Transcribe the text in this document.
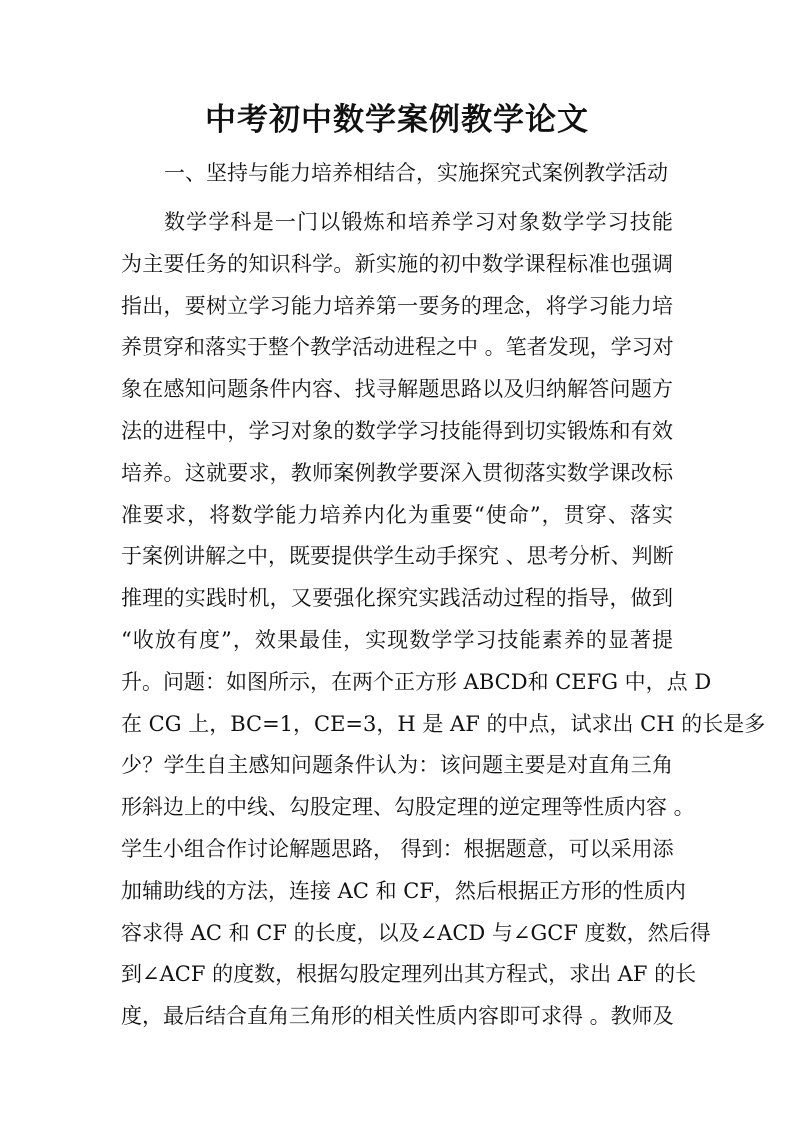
中考初中数学案例教学论文
一、坚持与能力培养相结合，实施探究式案例教学活动
数学学科是一门以锻炼和培养学习对象数学学习技能
为主要任务的知识科学。新实施的初中数学课程标准也强调
指出，要树立学习能力培养第一要务的理念，将学习能力培
养贯穿和落实于整个教学活动进程之中 。笔者发现，学习对
象在感知问题条件内容、找寻解题思路以及归纳解答问题方
法的进程中，学习对象的数学学习技能得到切实锻炼和有效
培养。这就要求，教师案例教学要深入贯彻落实数学课改标
准要求，将数学能力培养内化为重要“使命”，贯穿、落实
于案例讲解之中，既要提供学生动手探究 、思考分析、判断
推理的实践时机，又要强化探究实践活动过程的指导，做到
“收放有度”，效果最佳，实现数学学习技能素养的显著提
升。问题：如图所示，在两个正方形 ABCD和 CEFG 中，点 D
在 CG 上，BC=1，CE=3，H 是 AF 的中点，试求出 CH 的长是多
少？学生自主感知问题条件认为：该问题主要是对直角三角
形斜边上的中线、勾股定理、勾股定理的逆定理等性质内容 。
学生小组合作讨论解题思路， 得到：根据题意，可以采用添
加辅助线的方法，连接 AC 和 CF，然后根据正方形的性质内
容求得 AC 和 CF 的长度，以及∠ACD 与∠GCF 度数，然后得
到∠ACF 的度数，根据勾股定理列出其方程式，求出 AF 的长
度，最后结合直角三角形的相关性质内容即可求得 。教师及
